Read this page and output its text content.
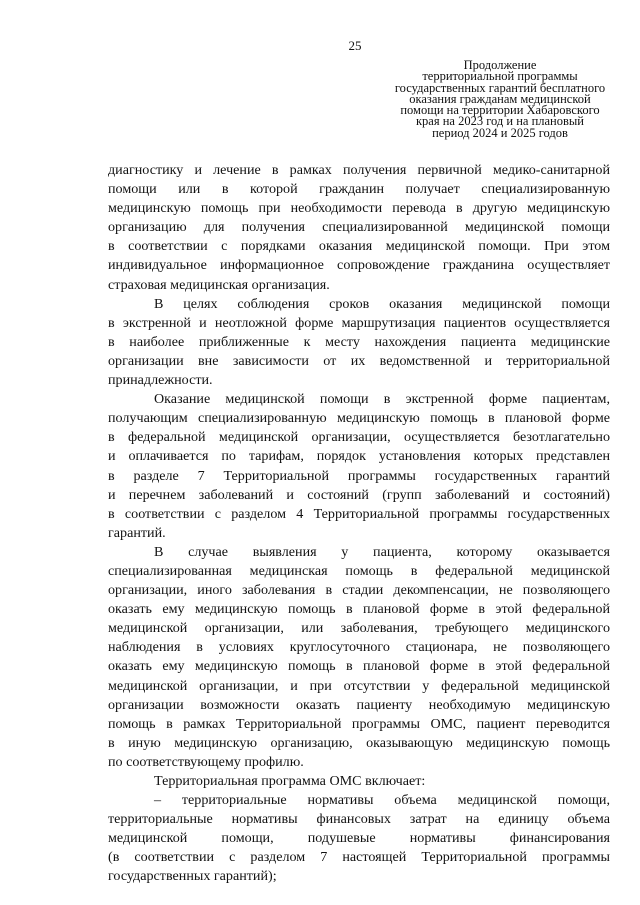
25
Продолжение
территориальной программы
государственных гарантий бесплатного
оказания гражданам медицинской
помощи на территории Хабаровского
края на 2023 год и на плановый
период 2024 и 2025 годов
диагностику и лечение в рамках получения первичной медико-санитарной
помощи или в которой гражданин получает специализированную
медицинскую помощь при необходимости перевода в другую медицинскую
организацию для получения специализированной медицинской помощи
в соответствии с порядками оказания медицинской помощи. При этом
индивидуальное информационное сопровождение гражданина осуществляет
страховая медицинская организация.
В целях соблюдения сроков оказания медицинской помощи
в экстренной и неотложной форме маршрутизация пациентов осуществляется
в наиболее приближенные к месту нахождения пациента медицинские
организации вне зависимости от их ведомственной и территориальной
принадлежности.
Оказание медицинской помощи в экстренной форме пациентам,
получающим специализированную медицинскую помощь в плановой форме
в федеральной медицинской организации, осуществляется безотлагательно
и оплачивается по тарифам, порядок установления которых представлен
в разделе 7 Территориальной программы государственных гарантий
и перечнем заболеваний и состояний (групп заболеваний и состояний)
в соответствии с разделом 4 Территориальной программы государственных
гарантий.
В случае выявления у пациента, которому оказывается
специализированная медицинская помощь в федеральной медицинской
организации, иного заболевания в стадии декомпенсации, не позволяющего
оказать ему медицинскую помощь в плановой форме в этой федеральной
медицинской организации, или заболевания, требующего медицинского
наблюдения в условиях круглосуточного стационара, не позволяющего
оказать ему медицинскую помощь в плановой форме в этой федеральной
медицинской организации, и при отсутствии у федеральной медицинской
организации возможности оказать пациенту необходимую медицинскую
помощь в рамках Территориальной программы ОМС, пациент переводится
в иную медицинскую организацию, оказывающую медицинскую помощь
по соответствующему профилю.
Территориальная программа ОМС включает:
– территориальные нормативы объема медицинской помощи,
территориальные нормативы финансовых затрат на единицу объема
медицинской помощи, подушевые нормативы финансирования
(в соответствии с разделом 7 настоящей Территориальной программы
государственных гарантий);
